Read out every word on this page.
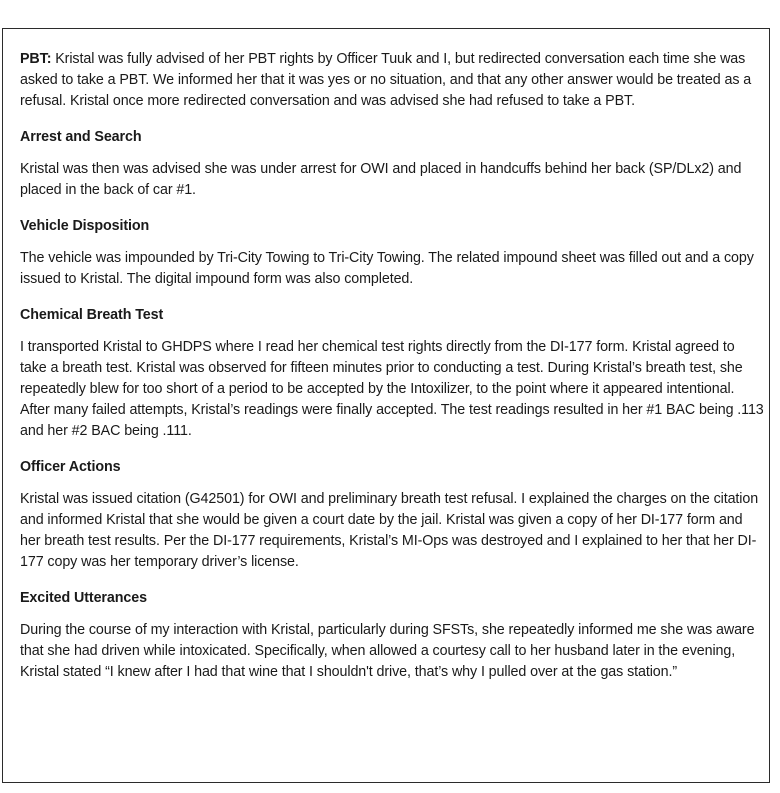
PBT: Kristal was fully advised of her PBT rights by Officer Tuuk and I, but redirected conversation each time she was asked to take a PBT. We informed her that it was yes or no situation, and that any other answer would be treated as a refusal. Kristal once more redirected conversation and was advised she had refused to take a PBT.

Arrest and Search

Kristal was then was advised she was under arrest for OWI and placed in handcuffs behind her back (SP/DLx2) and placed in the back of car #1.

Vehicle Disposition

The vehicle was impounded by Tri-City Towing to Tri-City Towing. The related impound sheet was filled out and a copy issued to Kristal. The digital impound form was also completed.

Chemical Breath Test

I transported Kristal to GHDPS where I read her chemical test rights directly from the DI-177 form. Kristal agreed to take a breath test. Kristal was observed for fifteen minutes prior to conducting a test. During Kristal’s breath test, she repeatedly blew for too short of a period to be accepted by the Intoxilizer, to the point where it appeared intentional. After many failed attempts, Kristal’s readings were finally accepted. The test readings resulted in her #1 BAC being .113 and her #2 BAC being .111.

Officer Actions

Kristal was issued citation (G42501) for OWI and preliminary breath test refusal. I explained the charges on the citation and informed Kristal that she would be given a court date by the jail. Kristal was given a copy of her DI-177 form and her breath test results. Per the DI-177 requirements, Kristal’s MI-Ops was destroyed and I explained to her that her DI-177 copy was her temporary driver’s license.

Excited Utterances

During the course of my interaction with Kristal, particularly during SFSTs, she repeatedly informed me she was aware that she had driven while intoxicated. Specifically, when allowed a courtesy call to her husband later in the evening, Kristal stated “I knew after I had that wine that I shouldn't drive, that’s why I pulled over at the gas station.”
